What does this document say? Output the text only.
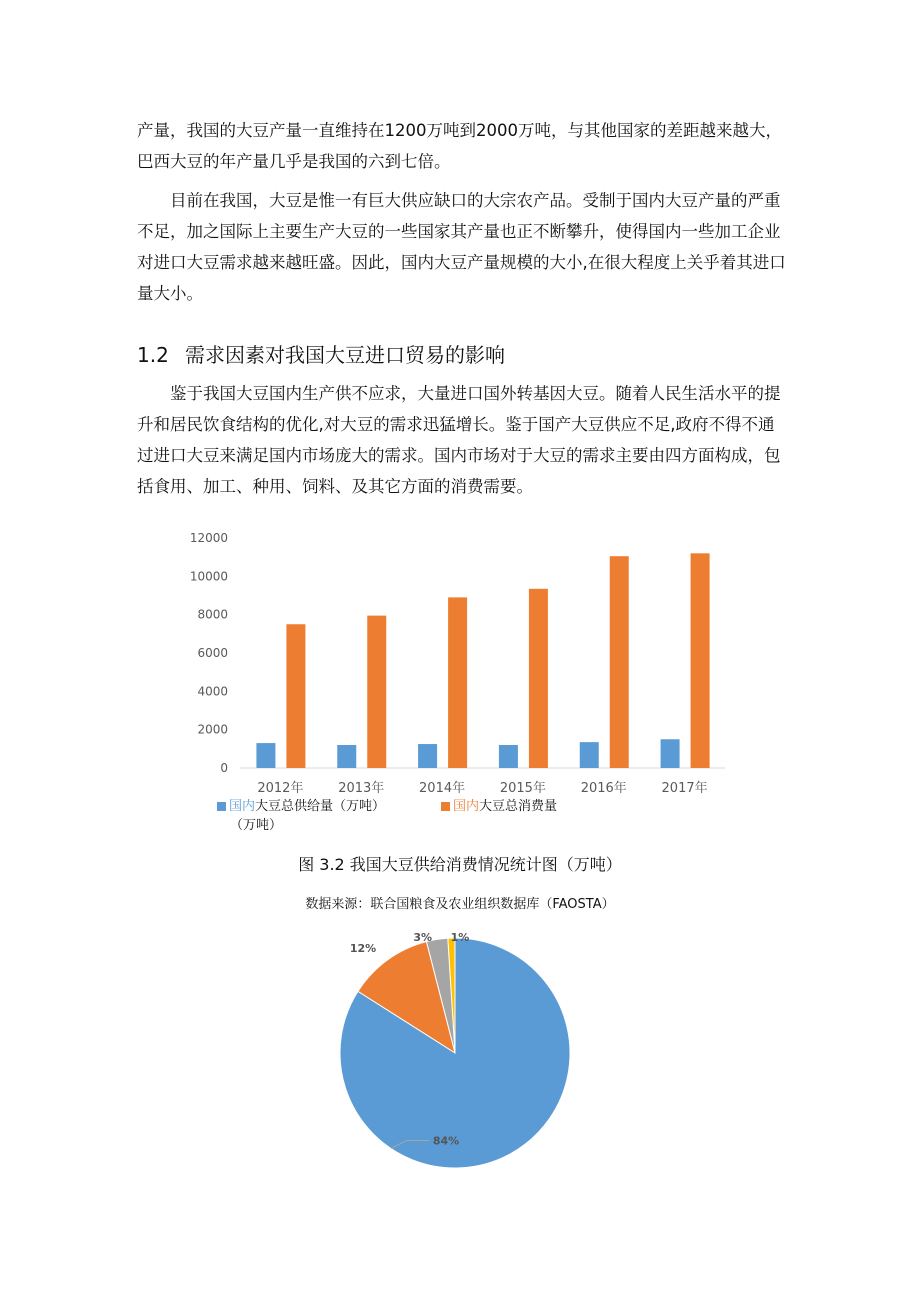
产量，我国的大豆产量一直维持在1200万吨到2000万吨，与其他国家的差距越来越大，巴西大豆的年产量几乎是我国的六到七倍。
目前在我国，大豆是惟一有巨大供应缺口的大宗农产品。受制于国内大豆产量的严重不足，加之国际上主要生产大豆的一些国家其产量也正不断攀升，使得国内一些加工企业对进口大豆需求越来越旺盛。因此，国内大豆产量规模的大小,在很大程度上关乎着其进口量大小。
1.2 需求因素对我国大豆进口贸易的影响
鉴于我国大豆国内生产供不应求，大量进口国外转基因大豆。随着人民生活水平的提升和居民饮食结构的优化,对大豆的需求迅猛增长。鉴于国产大豆供应不足,政府不得不通过进口大豆来满足国内市场庞大的需求。国内市场对于大豆的需求主要由四方面构成，包括食用、加工、种用、饲料、及其它方面的消费需要。
0
2000
4000
6000
8000
10000
12000
2012年	2013年	2014年	2015年	2016年	2017年
国内大豆总供给量（万吨）
（万吨）
国内大豆总消费量
图 3.2 我国大豆供给消费情况统计图（万吨）
数据来源：联合国粮食及农业组织数据库（FAOSTA）
1%
3%
12%
84%
